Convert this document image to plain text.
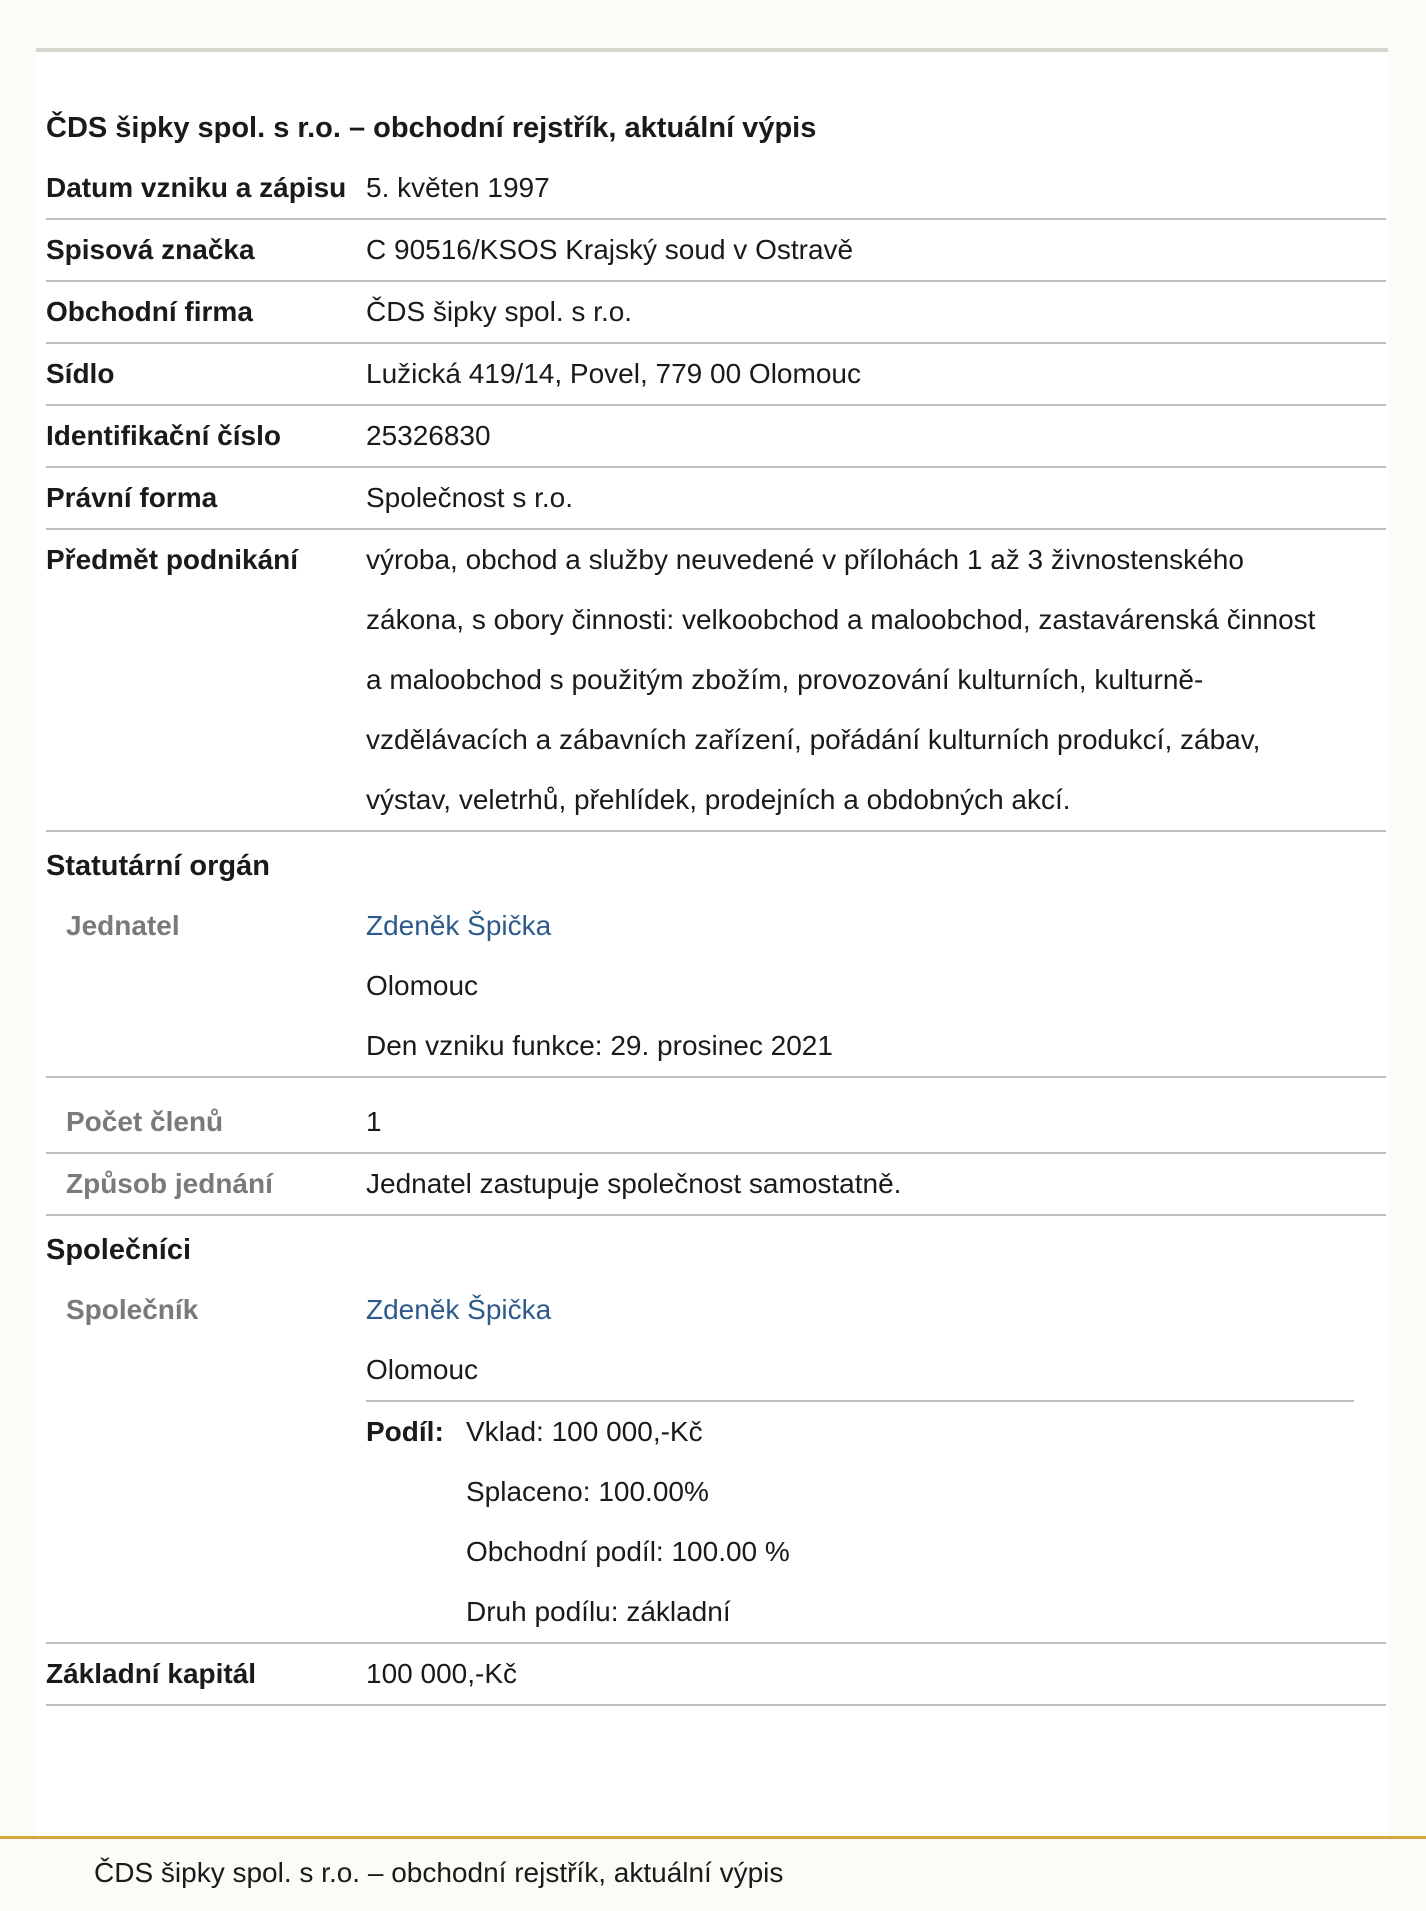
ČDS šipky spol. s r.o. – obchodní rejstřík, aktuální výpis
Datum vzniku a zápisu 5. květen 1997
Spisová značka	C 90516/KSOS Krajský soud v Ostravě
Obchodní firma	ČDS šipky spol. s r.o.
Sídlo	Lužická 419/14, Povel, 779 00 Olomouc
Identifikační číslo	25326830
Právní forma	Společnost s r.o.
Předmět podnikání	výroba, obchod a služby neuvedené v přílohách 1 až 3 živnostenského
zákona, s obory činnosti: velkoobchod a maloobchod, zastavárenská činnost
a maloobchod s použitým zbožím, provozování kulturních, kulturně-
vzdělávacích a zábavních zařízení, pořádání kulturních produkcí, zábav,
výstav, veletrhů, přehlídek, prodejních a obdobných akcí.
Statutární orgán
Jednatel	Zdeněk Špička
Olomouc
Den vzniku funkce: 29. prosinec 2021
Počet členů	1
Způsob jednání	Jednatel zastupuje společnost samostatně.
Společníci
Společník	Zdeněk Špička
Olomouc
Podíl: Vklad: 100 000,-Kč
Splaceno: 100.00%
Obchodní podíl: 100.00 %
Druh podílu: základní
Základní kapitál	100 000,-Kč
ČDS šipky spol. s r.o. – obchodní rejstřík, aktuální výpis
